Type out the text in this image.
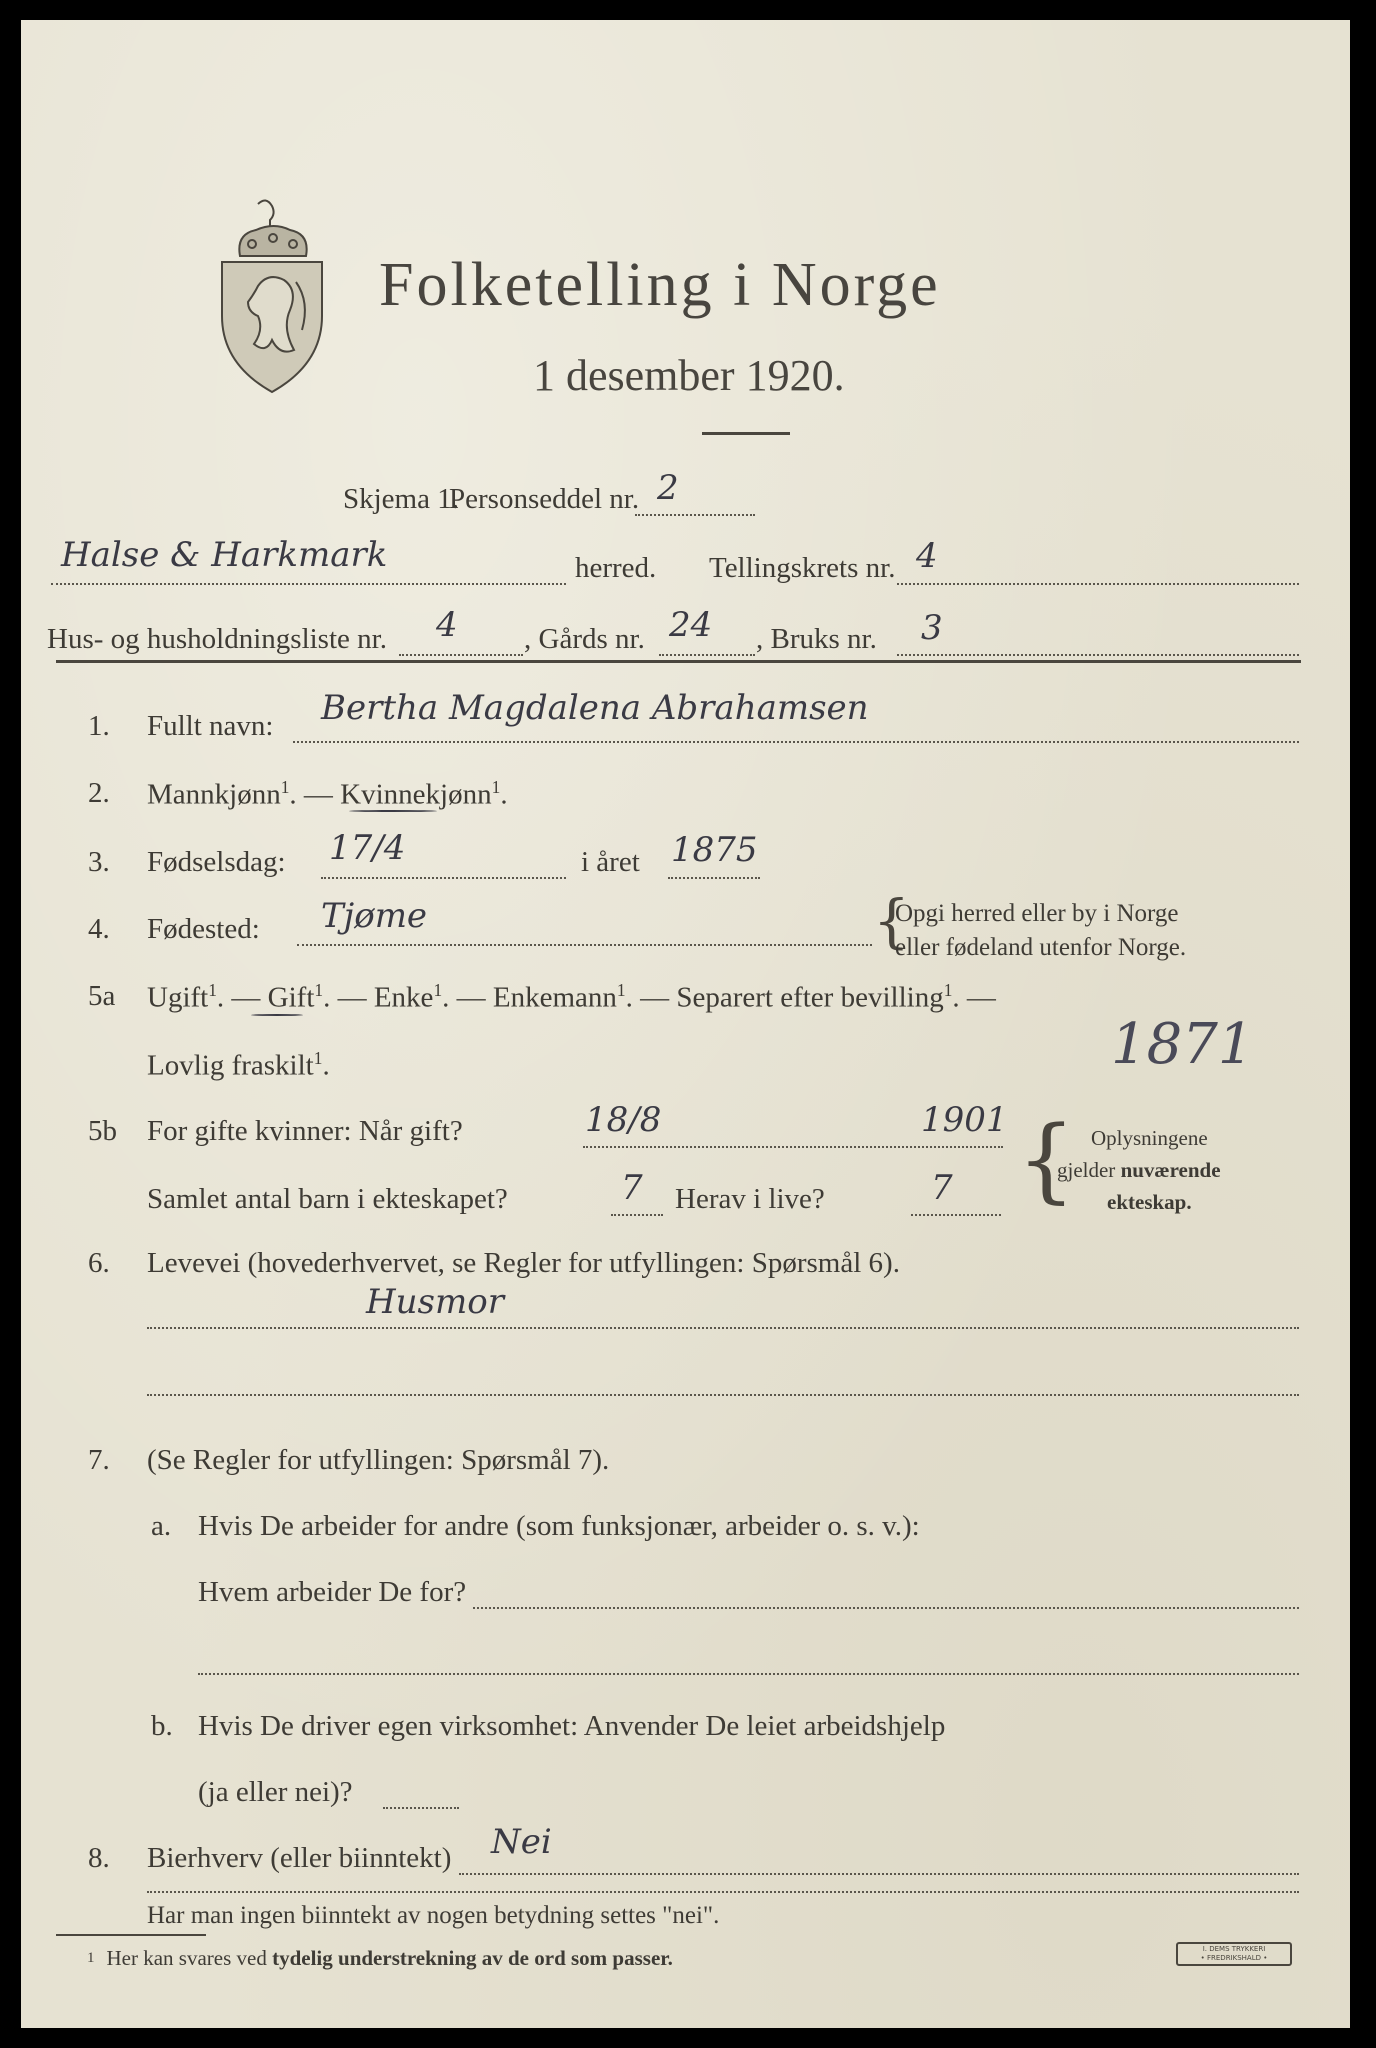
Folketelling i Norge
1 desember 1920.
Skjema 1.
Personseddel nr. 2
Halse & Harkmark	herred. Tellingskrets nr. 4
Hus- og husholdningsliste nr. 4 , Gårds nr. 24 , Bruks nr. 3
1. Fullt navn: Bertha Magdalena Abrahamsen
2. Mannkjønn$^1$. — Kvinnekjønn$^1$.
3. Fødselsdag: 17/4	i året 1875
4. Fødested: Tjøme	{
Opgi herred eller by i Norge
eller fødeland utenfor Norge.
5a Ugift$^1$. — Gift$^1$. — Enke$^1$. — Enkemann$^1$. — Separert efter bevilling$^1$. —
Lovlig fraskilt$^1$.	1871
5b For gifte kvinner: Når gift?	18/8	1901
Samlet antal barn i ekteskapet?	7 Herav i live?	7 { Oplysningene
gjelder nuværende
ekteskap.
6. Levevei (hovederhvervet, se Regler for utfyllingen: Spørsmål 6).
Husmor
7. (Se Regler for utfyllingen: Spørsmål 7).
a. Hvis De arbeider for andre (som funksjonær, arbeider o. s. v.):
Hvem arbeider De for?
b. Hvis De driver egen virksomhet: Anvender De leiet arbeidshjelp
(ja eller nei)?
8. Bierhverv (eller biinntekt) Nei
Har man ingen biinntekt av nogen betydning settes "nei".
1 Her kan svares ved tydelig understrekning av de ord som passer.	I. DEMS TRYKKERI
• FREDRIKSHALD •
